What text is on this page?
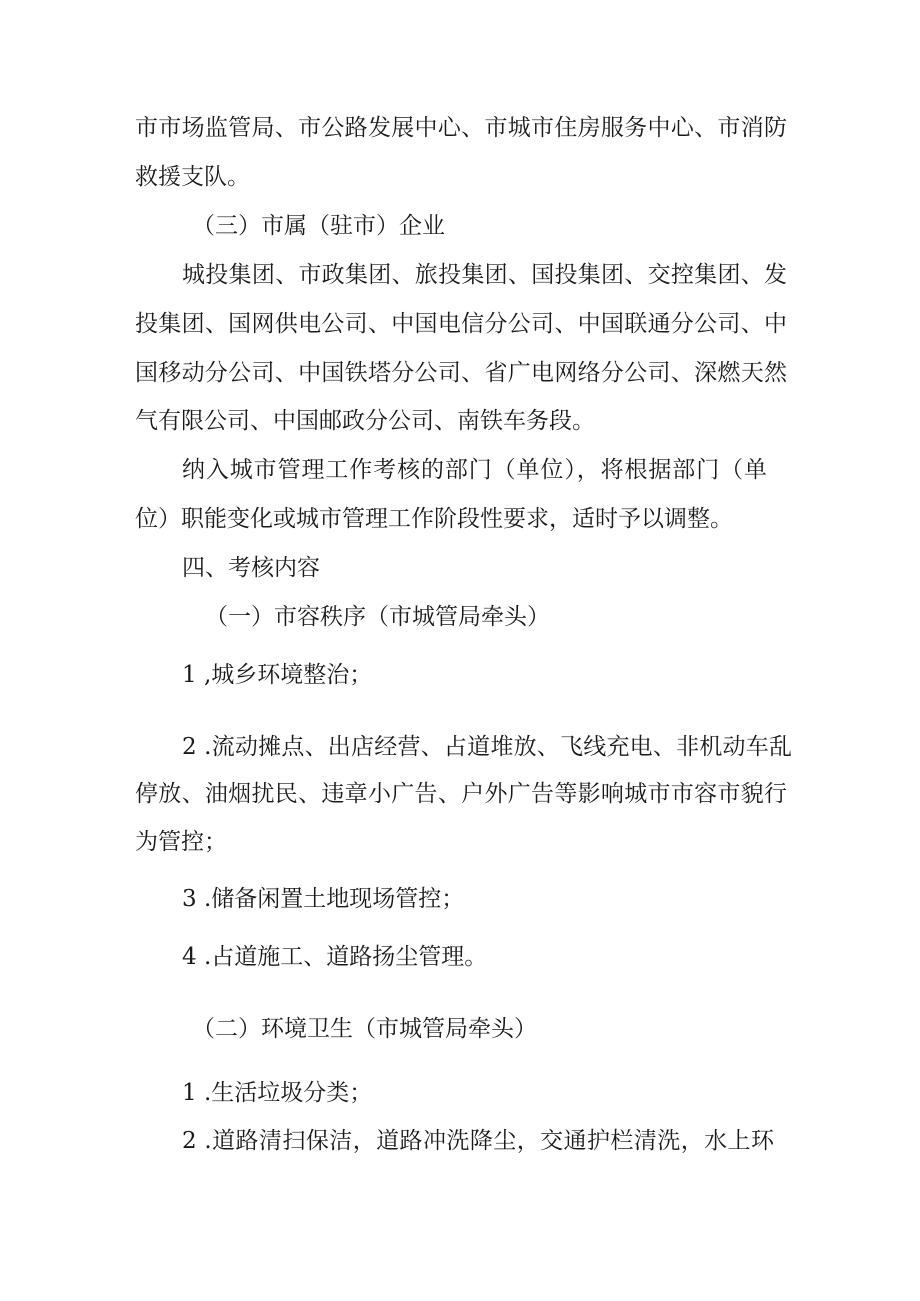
市市场监管局、市公路发展中心、市城市住房服务中心、市消防
救援支队。
（三）市属（驻市）企业
城投集团、市政集团、旅投集团、国投集团、交控集团、发
投集团、国网供电公司、中国电信分公司、中国联通分公司、中
国移动分公司、中国铁塔分公司、省广电网络分公司、深燃天然
气有限公司、中国邮政分公司、南铁车务段。
纳入城市管理工作考核的部门（单位），将根据部门（单
位）职能变化或城市管理工作阶段性要求，适时予以调整。
四、考核内容
（一）市容秩序（市城管局牵头）
1 ,城乡环境整治；
2 .流动摊点、出店经营、占道堆放、飞线充电、非机动车乱
停放、油烟扰民、违章小广告、户外广告等影响城市市容市貌行
为管控；
3 .储备闲置土地现场管控；
4 .占道施工、道路扬尘管理。
（二）环境卫生（市城管局牵头）
1 .生活垃圾分类；
2 .道路清扫保洁，道路冲洗降尘，交通护栏清洗，水上环
